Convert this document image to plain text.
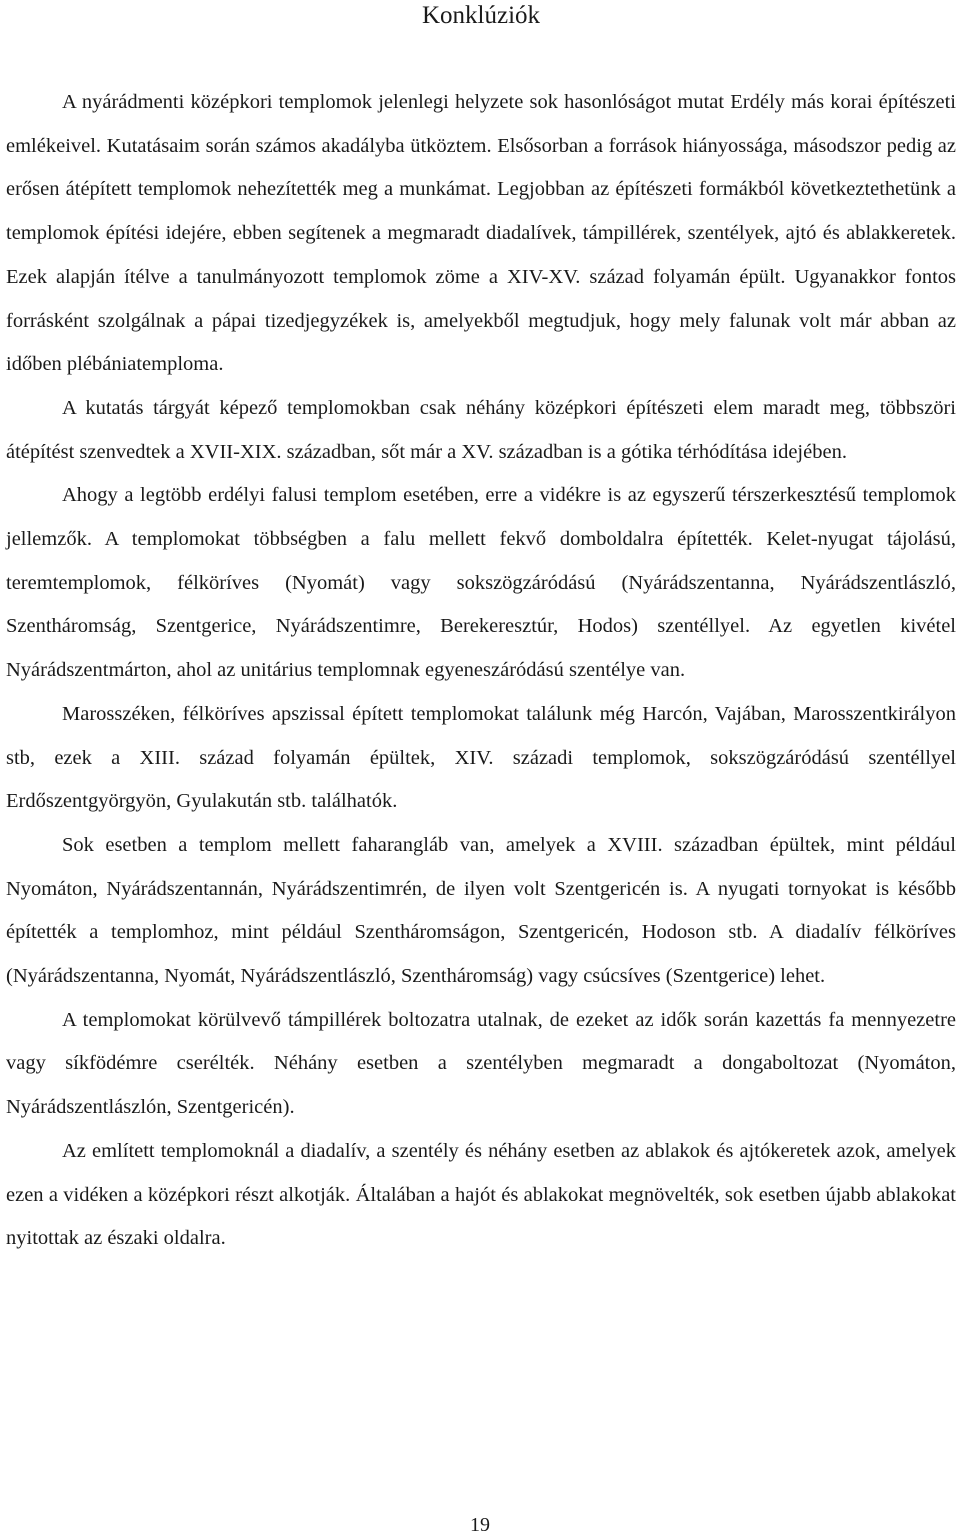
Konklúziók

A nyárádmenti középkori templomok jelenlegi helyzete sok hasonlóságot mutat Erdély más korai építészeti emlékeivel. Kutatásaim során számos akadályba ütköztem. Elsősorban a források hiányossága, másodszor pedig az erősen átépített templomok nehezítették meg a munkámat. Legjobban az építészeti formákból következtethetünk a templomok építési idejére, ebben segítenek a megmaradt diadalívek, támpillérek, szentélyek, ajtó és ablakkeretek. Ezek alapján ítélve a tanulmányozott templomok zöme a XIV-XV. század folyamán épült. Ugyanakkor fontos forrásként szolgálnak a pápai tizedjegyzékek is, amelyekből megtudjuk, hogy mely falunak volt már abban az időben plébániatemploma.

A kutatás tárgyát képező templomokban csak néhány középkori építészeti elem maradt meg, többszöri átépítést szenvedtek a XVII-XIX. században, sőt már a XV. században is a gótika térhódítása idejében.

Ahogy a legtöbb erdélyi falusi templom esetében, erre a vidékre is az egyszerű térszerkesztésű templomok jellemzők. A templomokat többségben a falu mellett fekvő domboldalra építették. Kelet-nyugat tájolású, teremtemplomok, félköríves (Nyomát) vagy sokszögzáródású (Nyárádszentanna, Nyárádszentlászló, Szentháromság, Szentgerice, Nyárádszentimre, Berekeresztúr, Hodos) szentéllyel. Az egyetlen kivétel Nyárádszentmárton, ahol az unitárius templomnak egyeneszáródású szentélye van.

Marosszéken, félköríves apszissal épített templomokat találunk még Harcón, Vajában, Marosszentkirályon stb, ezek a XIII. század folyamán épültek, XIV. századi templomok, sokszögzáródású szentéllyel Erdőszentgyörgyön, Gyulakután stb. találhatók.

Sok esetben a templom mellett faharangláb van, amelyek a XVIII. században épültek, mint például Nyomáton, Nyárádszentannán, Nyárádszentimrén, de ilyen volt Szentgericén is. A nyugati tornyokat is később építették a templomhoz, mint például Szentháromságon, Szentgericén, Hodoson stb. A diadalív félköríves (Nyárádszentanna, Nyomát, Nyárádszentlászló, Szentháromság) vagy csúcsíves (Szentgerice) lehet.

A templomokat körülvevő támpillérek boltozatra utalnak, de ezeket az idők során kazettás fa mennyezetre vagy síkfödémre cserélték. Néhány esetben a szentélyben megmaradt a dongaboltozat (Nyomáton, Nyárádszentlászlón, Szentgericén).

Az említett templomoknál a diadalív, a szentély és néhány esetben az ablakok és ajtókeretek azok, amelyek ezen a vidéken a középkori részt alkotják. Általában a hajót és ablakokat megnövelték, sok esetben újabb ablakokat nyitottak az északi oldalra.

19
